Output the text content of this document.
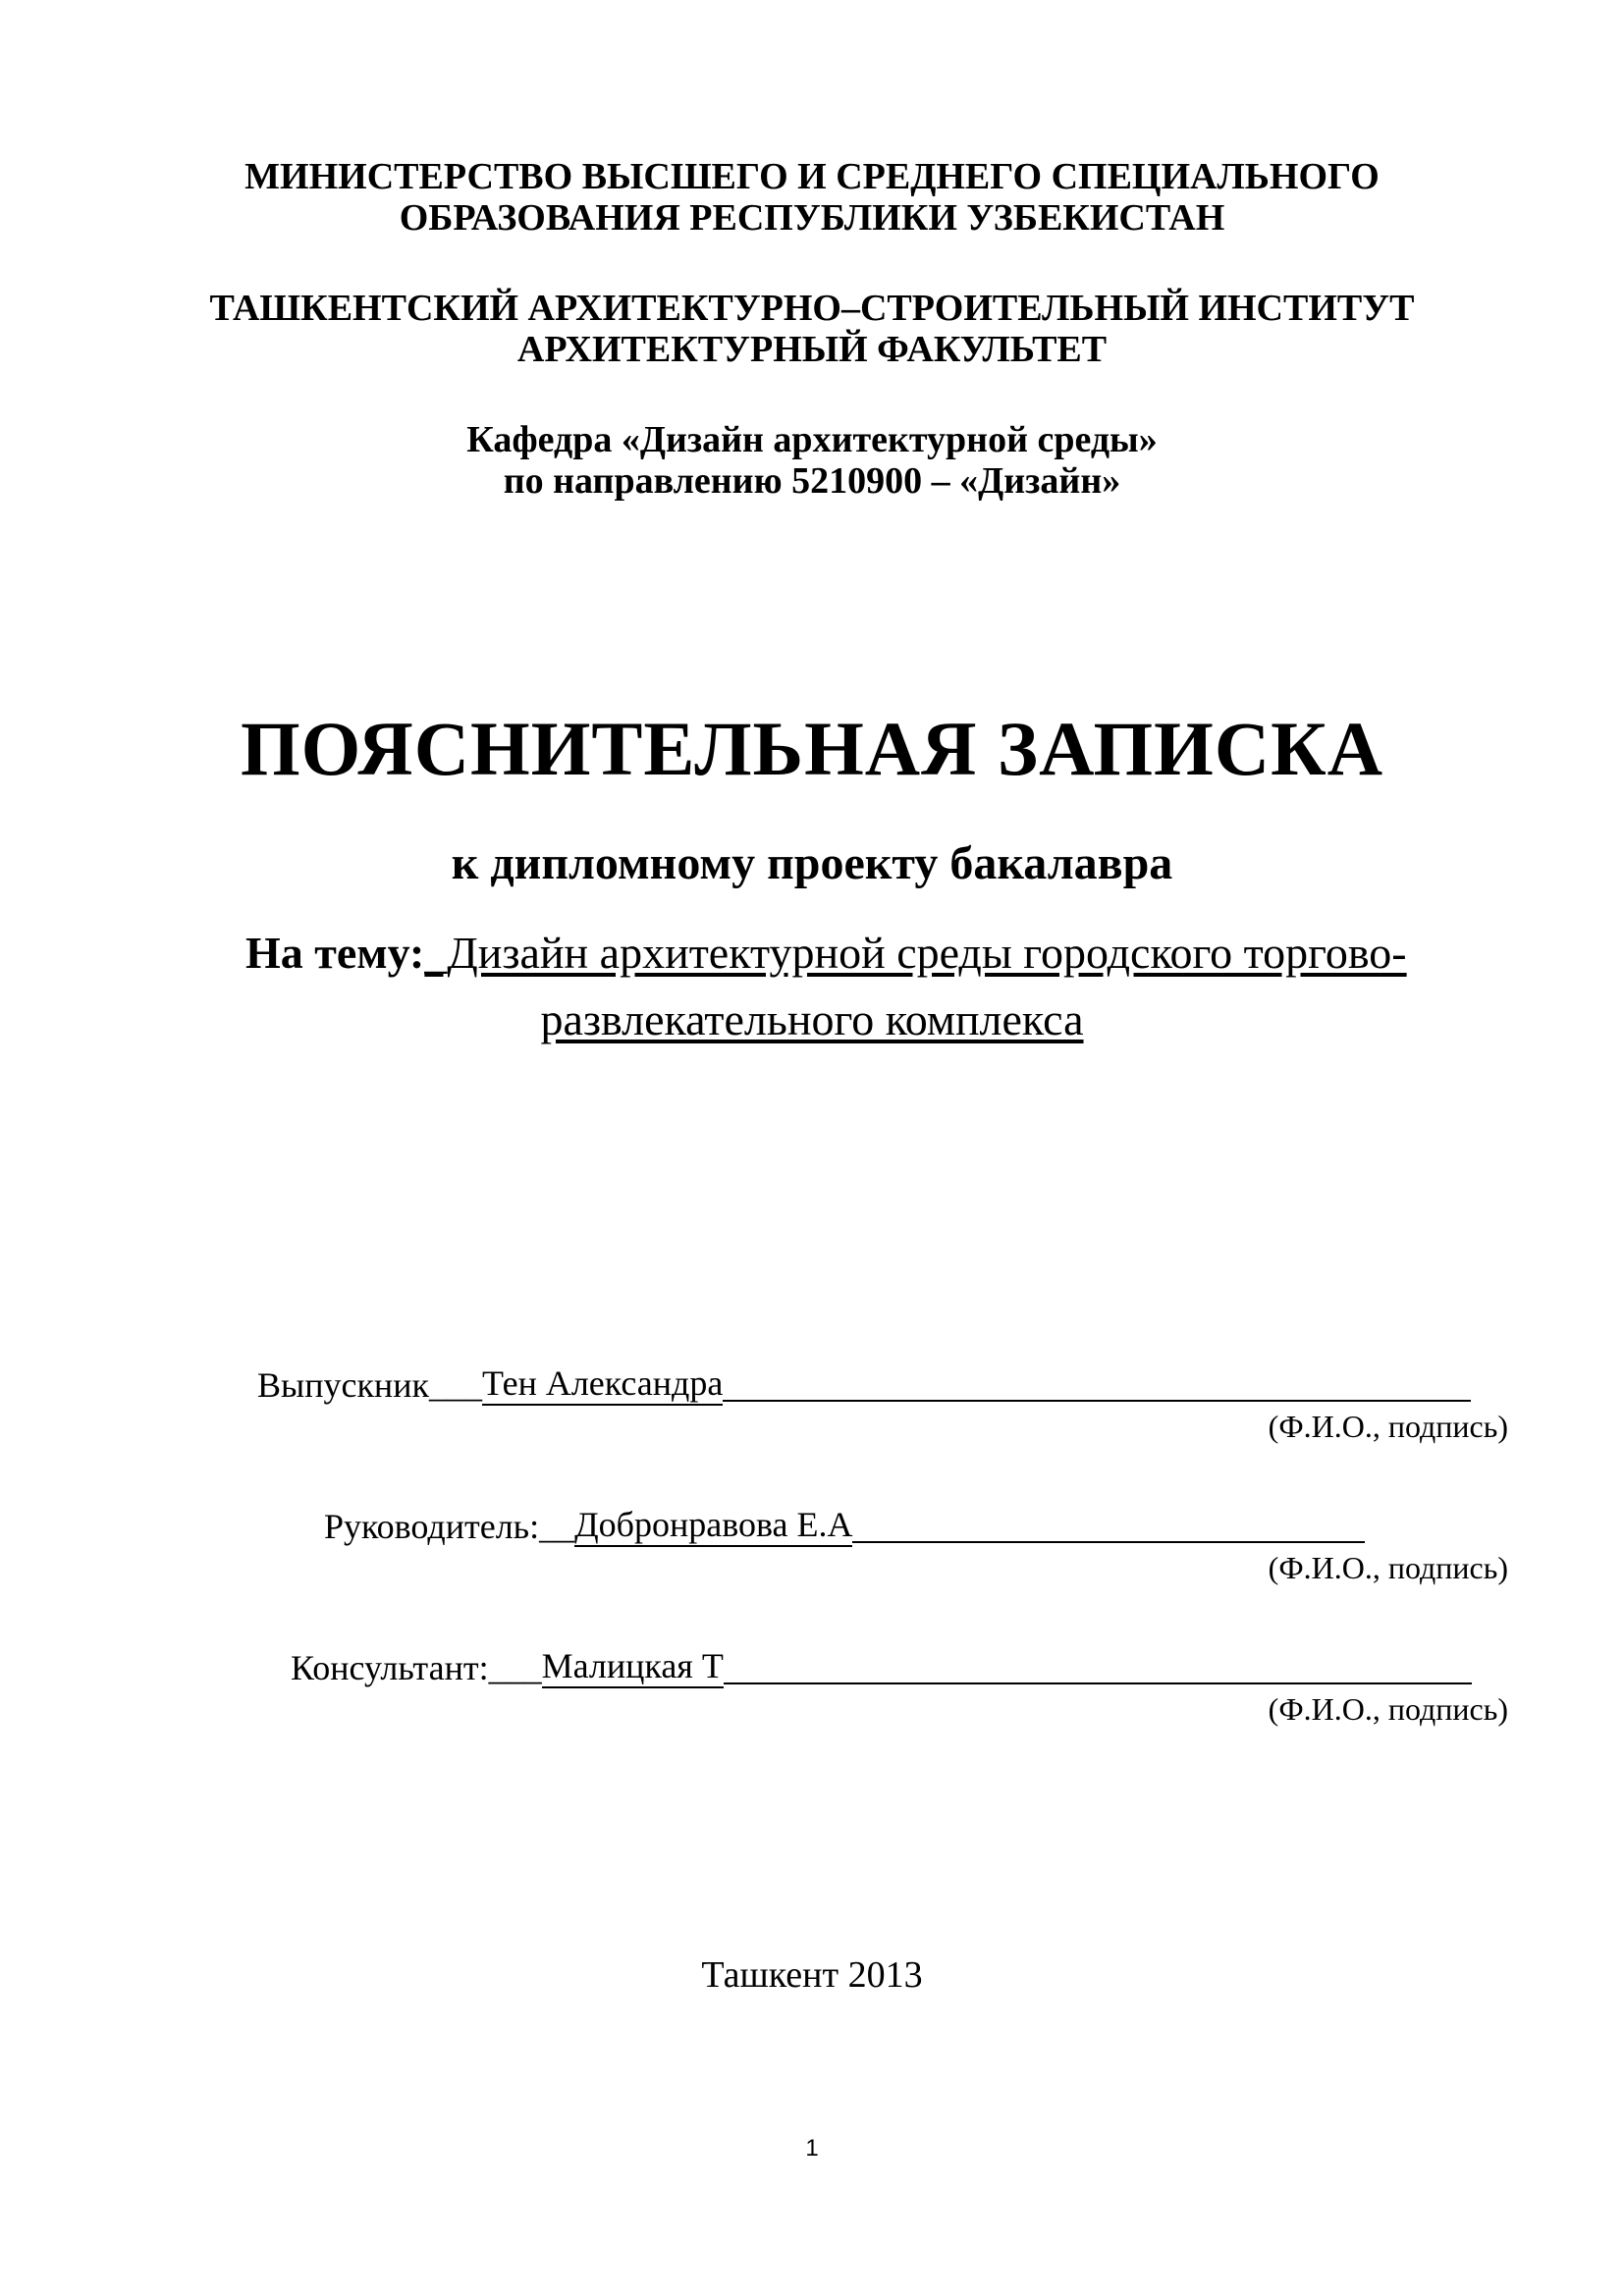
МИНИСТЕРСТВО ВЫСШЕГО И СРЕДНЕГО СПЕЦИАЛЬНОГО
ОБРАЗОВАНИЯ РЕСПУБЛИКИ УЗБЕКИСТАН
ТАШКЕНТСКИЙ АРХИТЕКТУРНО–СТРОИТЕЛЬНЫЙ ИНСТИТУТ
АРХИТЕКТУРНЫЙ ФАКУЛЬТЕТ
Кафедра «Дизайн архитектурной среды»
по направлению 5210900 – «Дизайн»
ПОЯСНИТЕЛЬНАЯ ЗАПИСКА
к дипломному проекту бакалавра
На тему:_Дизайн архитектурной среды городского торгово-
развлекательного комплекса
Выпускник___ Тен Александра
(Ф.И.О., подпись)
Руководитель:__ Добронравова Е.А
(Ф.И.О., подпись)
Консультант:___ Малицкая Т
(Ф.И.О., подпись)
Ташкент 2013
1
